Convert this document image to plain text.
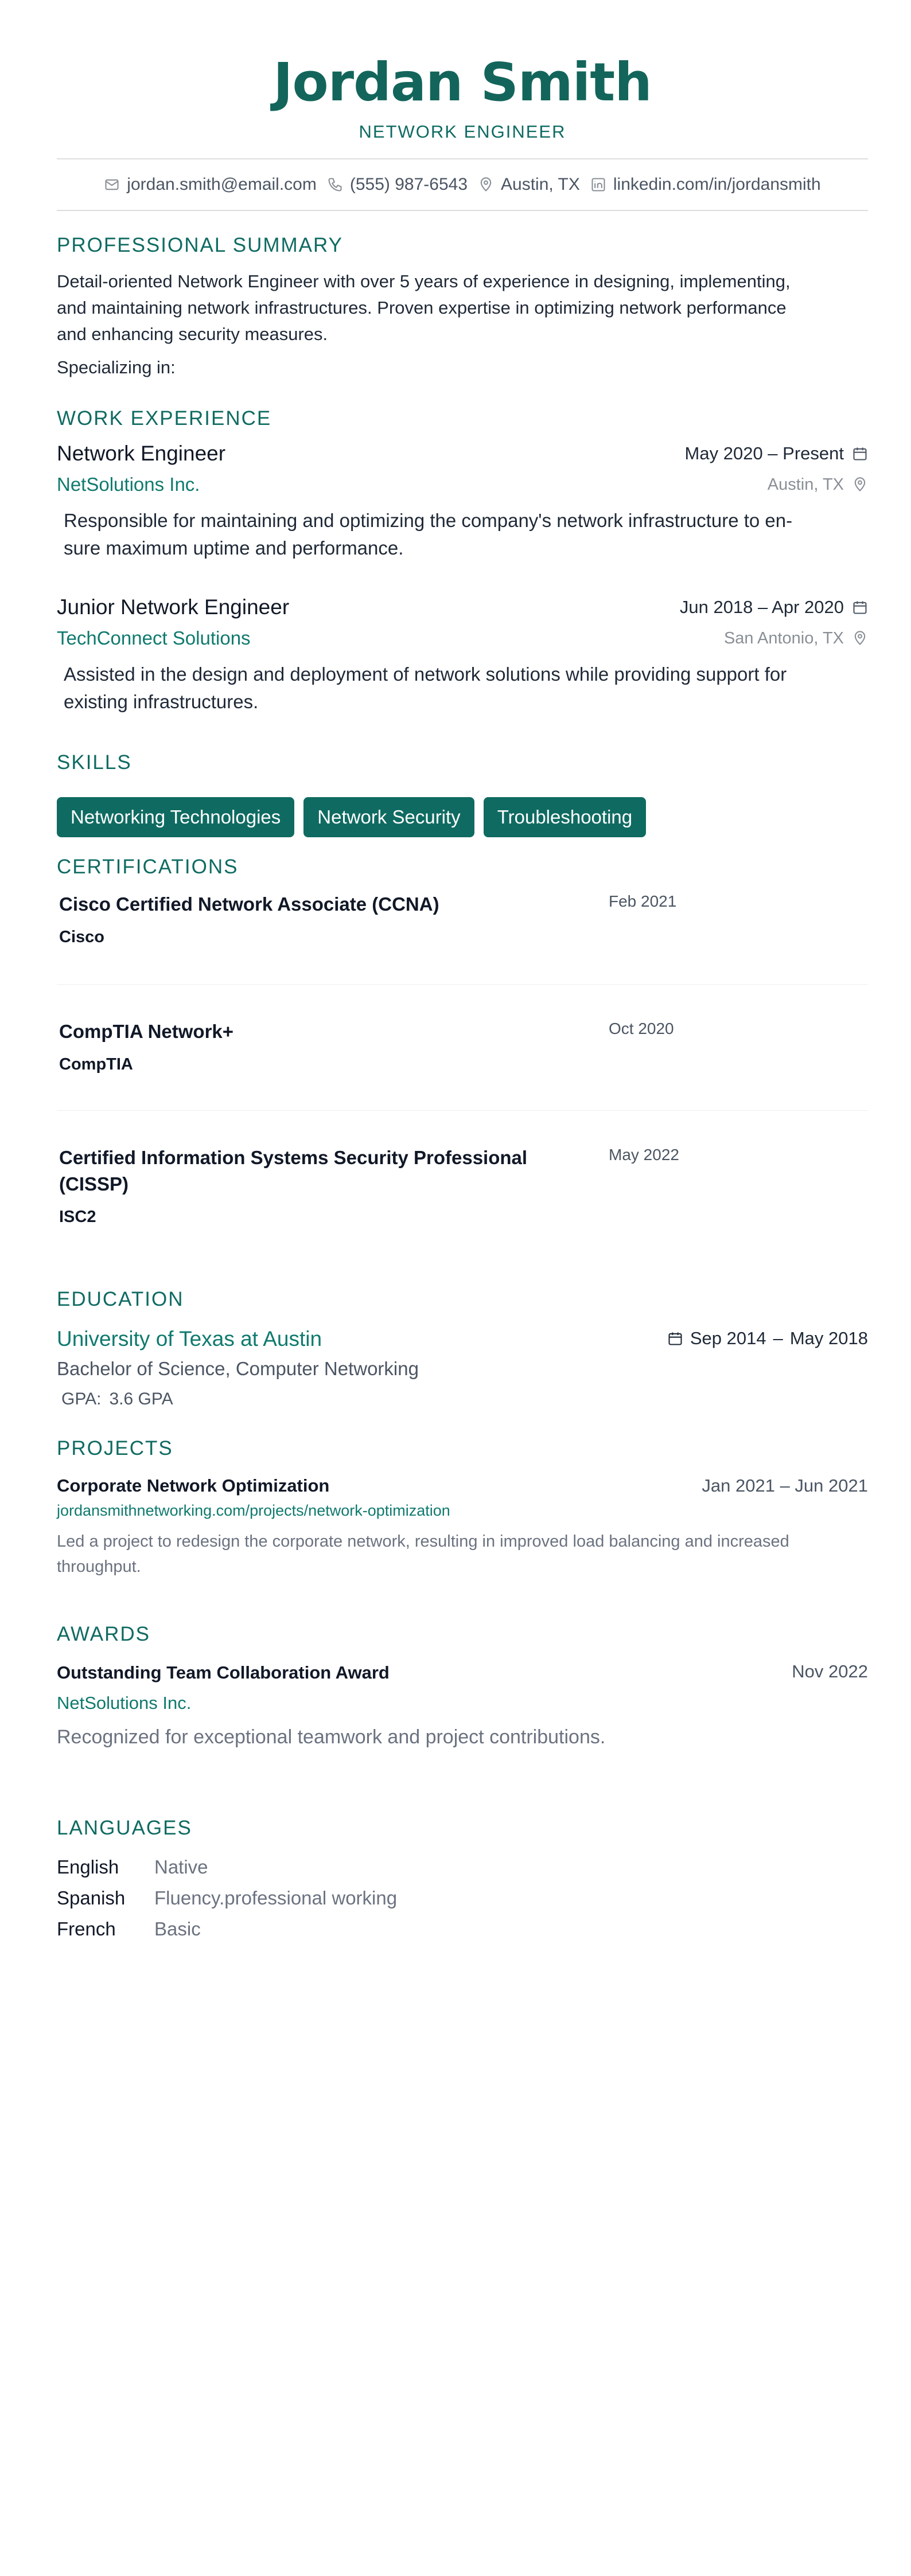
Jordan Smith
NETWORK ENGINEER
jordan.smith@email.com (555) 987-6543 Austin, TX linkedin.com/in/jordansmith
PROFESSIONAL SUMMARY
Detail-oriented Network Engineer with over 5 years of experience in designing, implementing,
and maintaining network infrastructures. Proven expertise in optimizing network performance
and enhancing security measures.
Specializing in:
WORK EXPERIENCE
Network Engineer	May 2020 – Present
NetSolutions Inc.	Austin, TX
Responsible for maintaining and optimizing the company's network infrastructure to en-
sure maximum uptime and performance.
Junior Network Engineer	Jun 2018 – Apr 2020
TechConnect Solutions	San Antonio, TX
Assisted in the design and deployment of network solutions while providing support for
existing infrastructures.
SKILLS
Networking Technologies	Network Security	Troubleshooting
CERTIFICATIONS
Cisco Certified Network Associate (CCNA)
Cisco
Feb 2021
CompTIA Network+
CompTIA
Oct 2020
Certified Information Systems Security Professional
(CISSP)
ISC2
May 2022
EDUCATION
University of Texas at Austin	Sep 2014 – May 2018
Bachelor of Science, Computer Networking
GPA: 3.6 GPA
PROJECTS
Corporate Network Optimization	Jan 2021 – Jun 2021
jordansmithnetworking.com/projects/network-optimization
Led a project to redesign the corporate network, resulting in improved load balancing and increased
throughput.
AWARDS
Outstanding Team Collaboration Award	Nov 2022
NetSolutions Inc.
Recognized for exceptional teamwork and project contributions.
LANGUAGES
English	Native
Spanish	Fluency.professional working
French	Basic
